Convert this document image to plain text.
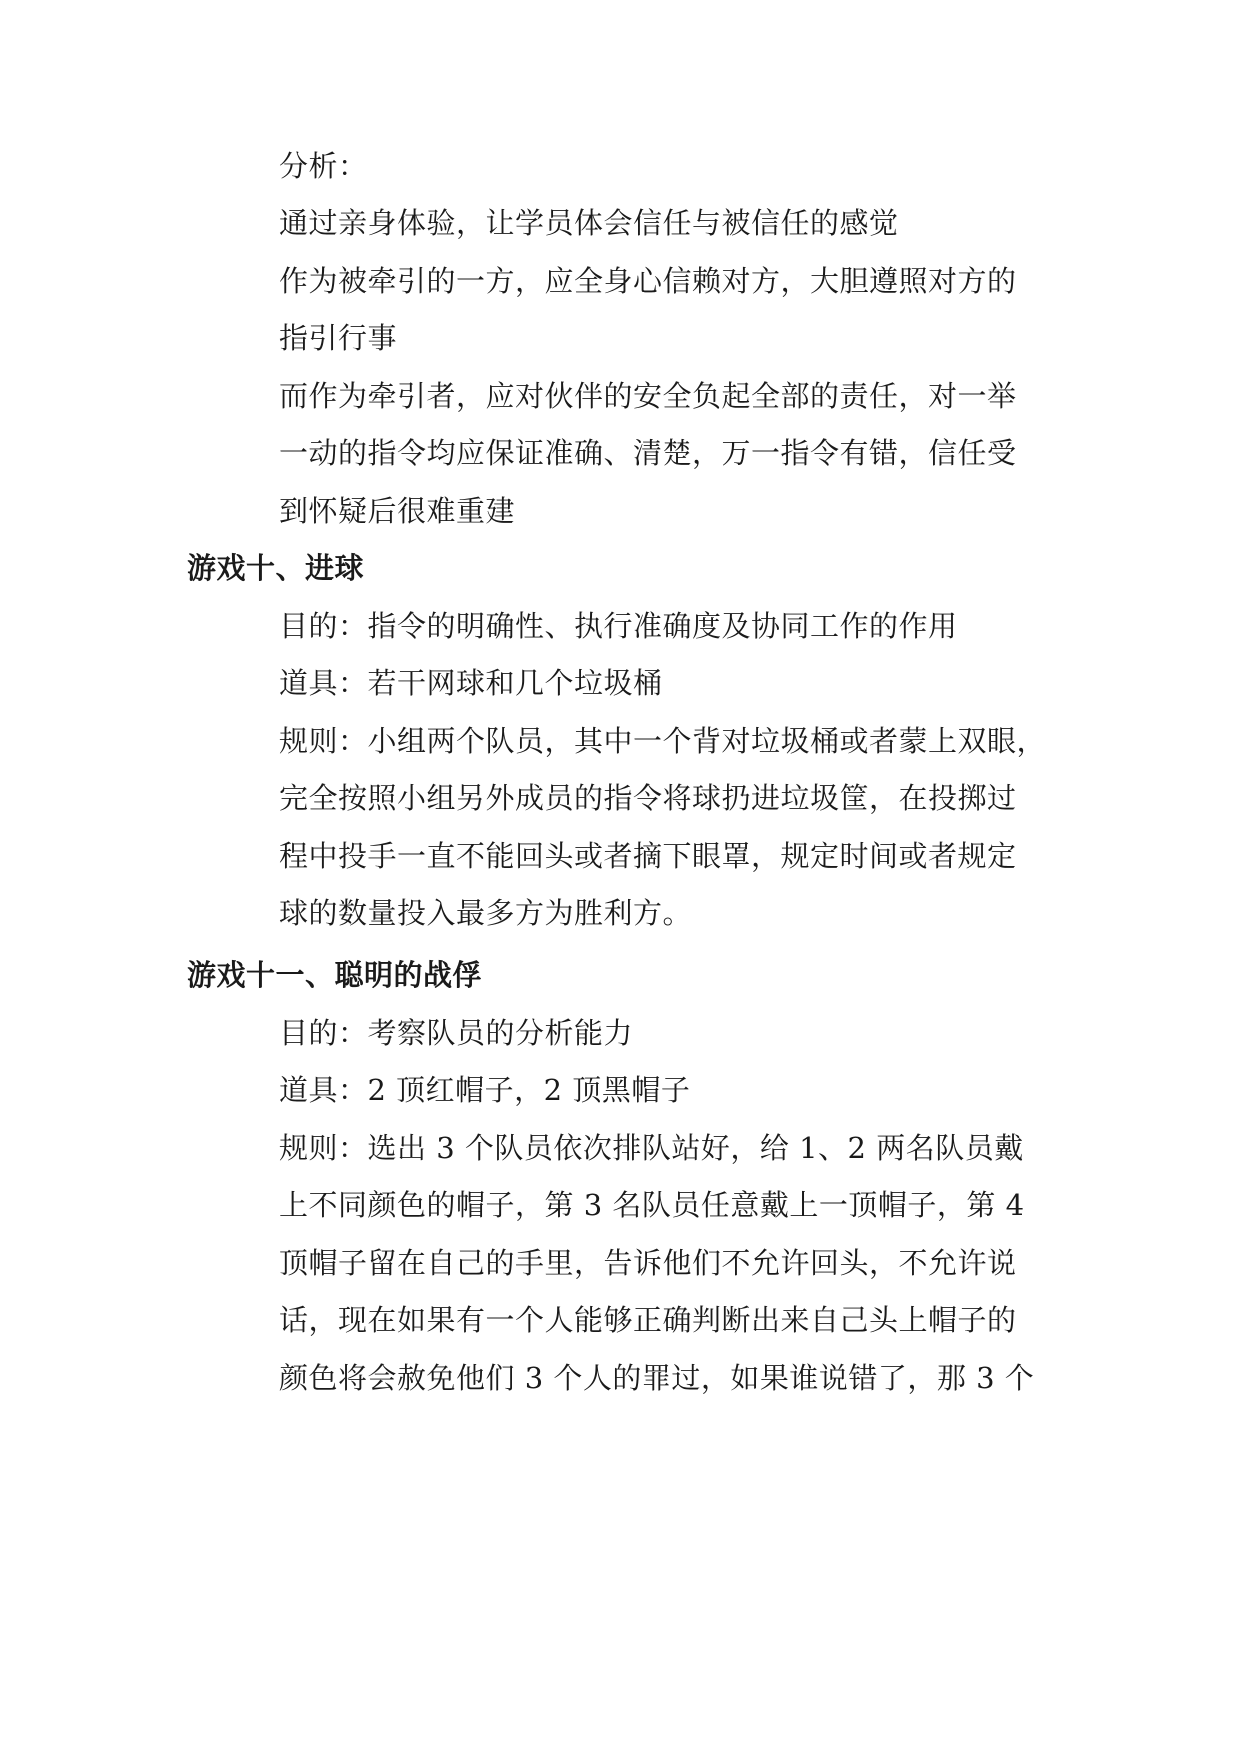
分析：
通过亲身体验，让学员体会信任与被信任的感觉
作为被牵引的一方，应全身心信赖对方，大胆遵照对方的
指引行事
而作为牵引者，应对伙伴的安全负起全部的责任，对一举
一动的指令均应保证准确、清楚，万一指令有错，信任受
到怀疑后很难重建
游戏十、进球
目的：指令的明确性、执行准确度及协同工作的作用
道具：若干网球和几个垃圾桶
规则：小组两个队员，其中一个背对垃圾桶或者蒙上双眼，
完全按照小组另外成员的指令将球扔进垃圾筐，在投掷过
程中投手一直不能回头或者摘下眼罩，规定时间或者规定
球的数量投入最多方为胜利方。
游戏十一、聪明的战俘
目的：考察队员的分析能力
道具：2 顶红帽子，2 顶黑帽子
规则：选出 3 个队员依次排队站好，给 1、2 两名队员戴
上不同颜色的帽子，第 3 名队员任意戴上一顶帽子，第 4
顶帽子留在自己的手里，告诉他们不允许回头，不允许说
话，现在如果有一个人能够正确判断出来自己头上帽子的
颜色将会赦免他们 3 个人的罪过，如果谁说错了，那 3 个
